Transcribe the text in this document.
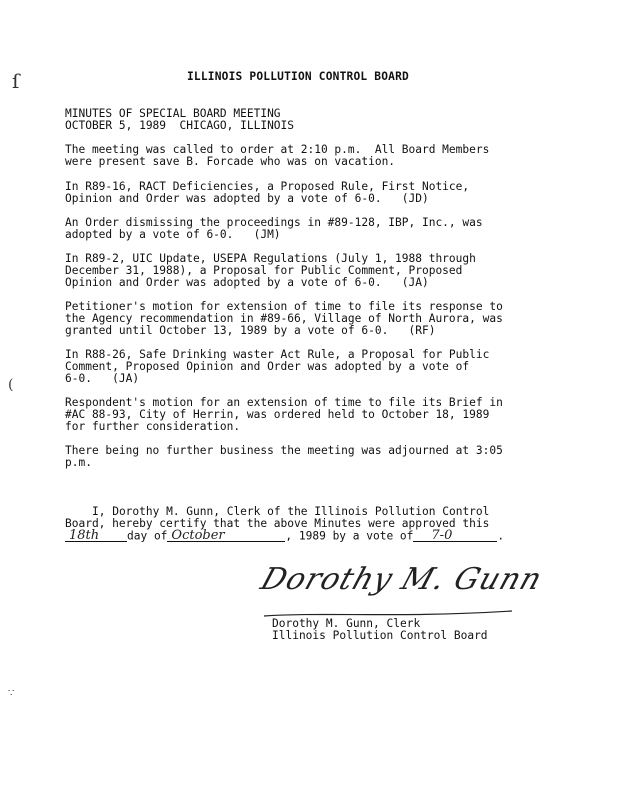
ſ
(
∵
ILLINOIS POLLUTION CONTROL BOARD
MINUTES OF SPECIAL BOARD MEETING
OCTOBER 5, 1989  CHICAGO, ILLINOIS
The meeting was called to order at 2:10 p.m.  All Board Members
were present save B. Forcade who was on vacation.
In R89-16, RACT Deficiencies, a Proposed Rule, First Notice,
Opinion and Order was adopted by a vote of 6-0.   (JD)
An Order dismissing the proceedings in #89-128, IBP, Inc., was
adopted by a vote of 6-0.   (JM)
In R89-2, UIC Update, USEPA Regulations (July 1, 1988 through
December 31, 1988), a Proposal for Public Comment, Proposed
Opinion and Order was adopted by a vote of 6-0.   (JA)
Petitioner's motion for extension of time to file its response to
the Agency recommendation in #89-66, Village of North Aurora, was
granted until October 13, 1989 by a vote of 6-0.   (RF)
In R88-26, Safe Drinking waster Act Rule, a Proposal for Public
Comment, Proposed Opinion and Order was adopted by a vote of
6-0.   (JA)
Respondent's motion for an extension of time to file its Brief in
#AC 88-93, City of Herrin, was ordered held to October 18, 1989
for further consideration.
There being no further business the meeting was adjourned at 3:05
p.m.
I, Dorothy M. Gunn, Clerk of the Illinois Pollution Control
Board, hereby certify that the above Minutes were approved this
18th day of October	, 1989 by a vote of 7-0	.
Dorothy M. Gunn
Dorothy M. Gunn, Clerk
Illinois Pollution Control Board
